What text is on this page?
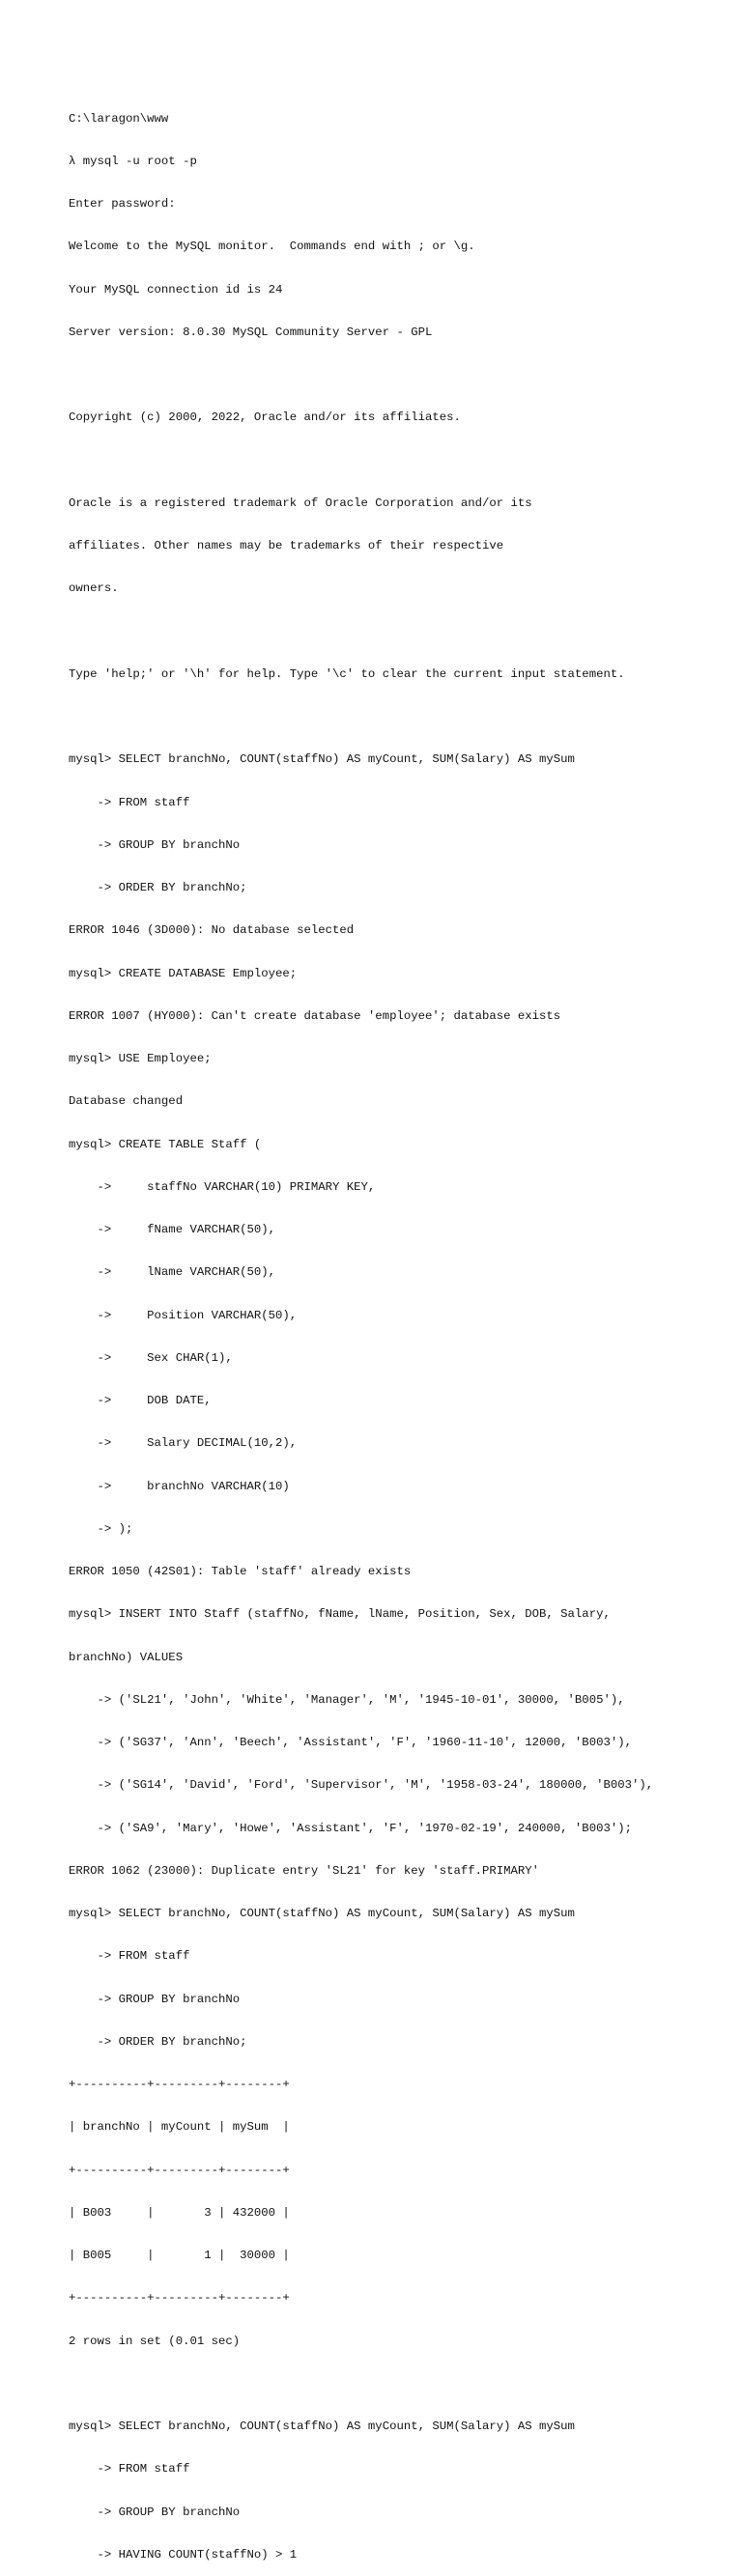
C:\laragon\www

λ mysql -u root -p

Enter password:

Welcome to the MySQL monitor.  Commands end with ; or \g.

Your MySQL connection id is 24

Server version: 8.0.30 MySQL Community Server - GPL

Copyright (c) 2000, 2022, Oracle and/or its affiliates.

Oracle is a registered trademark of Oracle Corporation and/or its

affiliates. Other names may be trademarks of their respective

owners.

Type 'help;' or '\h' for help. Type '\c' to clear the current input statement.

mysql> SELECT branchNo, COUNT(staffNo) AS myCount, SUM(Salary) AS mySum

-> FROM staff

-> GROUP BY branchNo

-> ORDER BY branchNo;

ERROR 1046 (3D000): No database selected

mysql> CREATE DATABASE Employee;

ERROR 1007 (HY000): Can't create database 'employee'; database exists

mysql> USE Employee;

Database changed

mysql> CREATE TABLE Staff (

->     staffNo VARCHAR(10) PRIMARY KEY,

->     fName VARCHAR(50),

->     lName VARCHAR(50),

->     Position VARCHAR(50),

->     Sex CHAR(1),

->     DOB DATE,

->     Salary DECIMAL(10,2),

->     branchNo VARCHAR(10)

-> );

ERROR 1050 (42S01): Table 'staff' already exists

mysql> INSERT INTO Staff (staffNo, fName, lName, Position, Sex, DOB, Salary,

branchNo) VALUES

-> ('SL21', 'John', 'White', 'Manager', 'M', '1945-10-01', 30000, 'B005'),

-> ('SG37', 'Ann', 'Beech', 'Assistant', 'F', '1960-11-10', 12000, 'B003'),

-> ('SG14', 'David', 'Ford', 'Supervisor', 'M', '1958-03-24', 180000, 'B003'),

-> ('SA9', 'Mary', 'Howe', 'Assistant', 'F', '1970-02-19', 240000, 'B003');

ERROR 1062 (23000): Duplicate entry 'SL21' for key 'staff.PRIMARY'

mysql> SELECT branchNo, COUNT(staffNo) AS myCount, SUM(Salary) AS mySum

-> FROM staff

-> GROUP BY branchNo

-> ORDER BY branchNo;

+----------+---------+--------+

| branchNo | myCount | mySum  |

+----------+---------+--------+

| B003     |       3 | 432000 |

| B005     |       1 |  30000 |

+----------+---------+--------+

2 rows in set (0.01 sec)

mysql> SELECT branchNo, COUNT(staffNo) AS myCount, SUM(Salary) AS mySum

-> FROM staff

-> GROUP BY branchNo

-> HAVING COUNT(staffNo) > 1
